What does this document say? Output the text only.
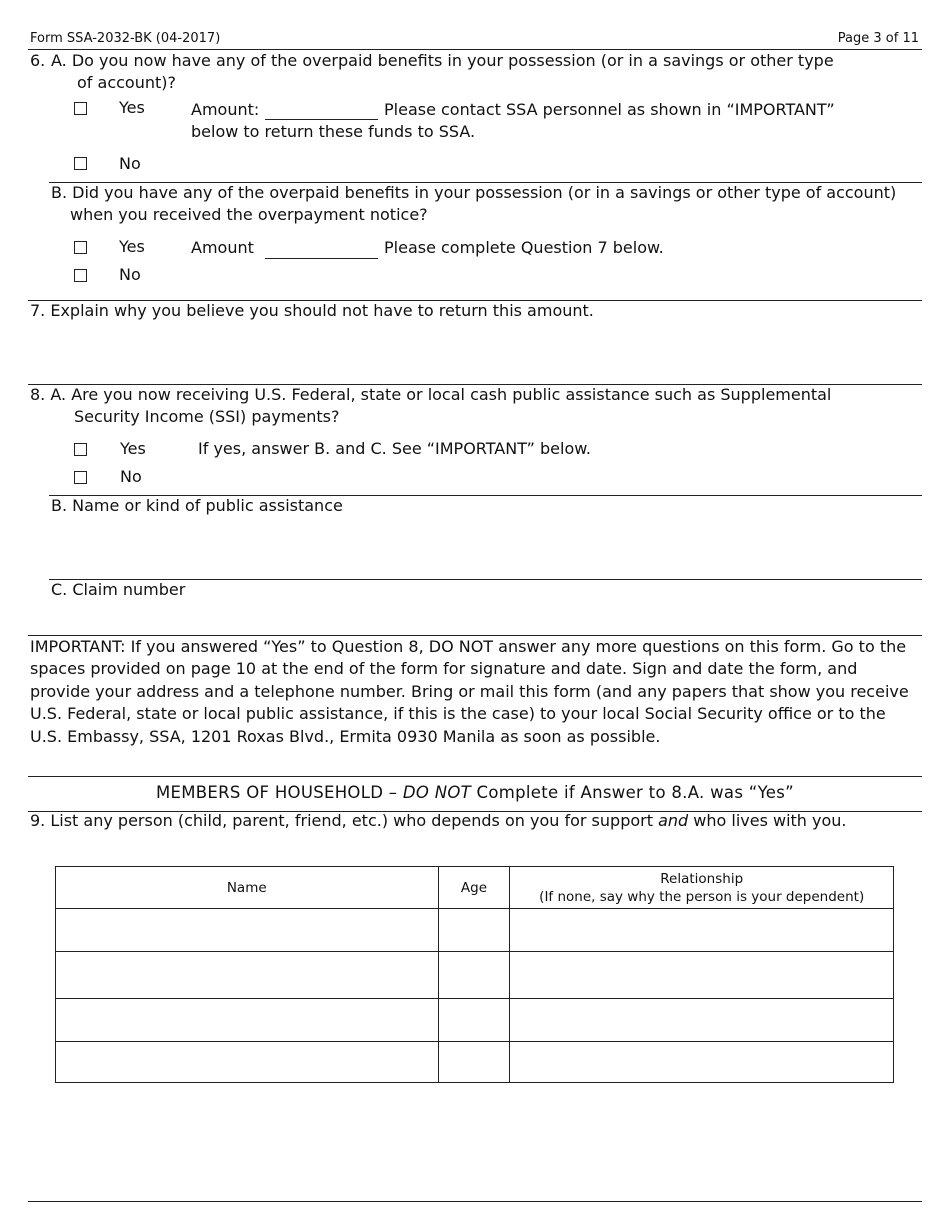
Form SSA-2032-BK (04-2017)	Page 3 of 11
6. A. Do you now have any of the overpaid benefits in your possession (or in a savings or other type
of account)?
Yes	Amount:	Please contact SSA personnel as shown in “IMPORTANT”
below to return these funds to SSA.
No
B. Did you have any of the overpaid benefits in your possession (or in a savings or other type of account)
when you received the overpayment notice?
Yes	Amount	Please complete Question 7 below.
No
7. Explain why you believe you should not have to return this amount.
8. A. Are you now receiving U.S. Federal, state or local cash public assistance such as Supplemental
Security Income (SSI) payments?
Yes	If yes, answer B. and C. See “IMPORTANT” below.
No
B. Name or kind of public assistance
C. Claim number
IMPORTANT: If you answered “Yes” to Question 8, DO NOT answer any more questions on this form. Go to the spaces provided on page 10 at the end of the form for signature and date. Sign and date the form, and provide your address and a telephone number. Bring or mail this form (and any papers that show you receive U.S. Federal, state or local public assistance, if this is the case) to your local Social Security office or to the U.S. Embassy, SSA, 1201 Roxas Blvd., Ermita 0930 Manila as soon as possible.
MEMBERS OF HOUSEHOLD – DO NOT Complete if Answer to 8.A. was “Yes”
9. List any person (child, parent, friend, etc.) who depends on you for support and who lives with you.
Name	Age	Relationship
(If none, say why the person is your dependent)
